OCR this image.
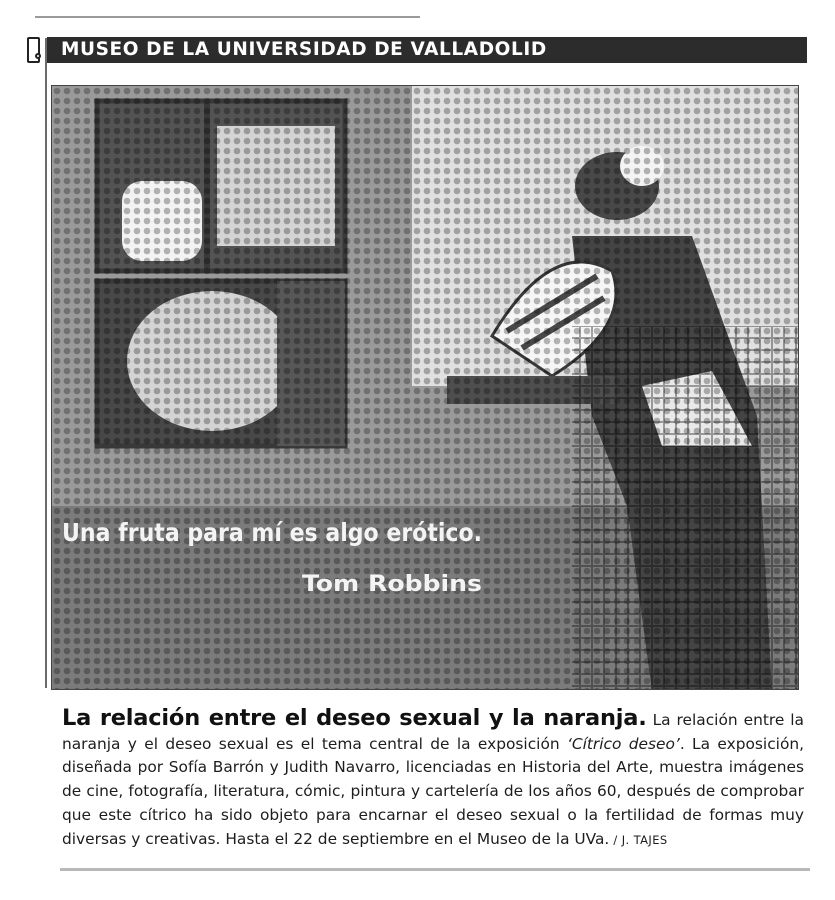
MUSEO DE LA UNIVERSIDAD DE VALLADOLID
Una fruta para mí es algo erótico.
Tom Robbins

La relación entre el deseo sexual y la naranja. La relación entre la naranja y el deseo sexual es el tema central de la exposición ‘Cítrico deseo’. La exposición, diseñada por Sofía Barrón y Judith Navarro, licenciadas en Historia del Arte, muestra imágenes de cine, fotografía, literatura, cómic, pintura y cartelería de los años 60, después de comprobar que este cítrico ha sido objeto para encarnar el deseo sexual o la fertilidad de formas muy diversas y creativas. Hasta el 22 de septiembre en el Museo de la UVa. / J. TAJES
